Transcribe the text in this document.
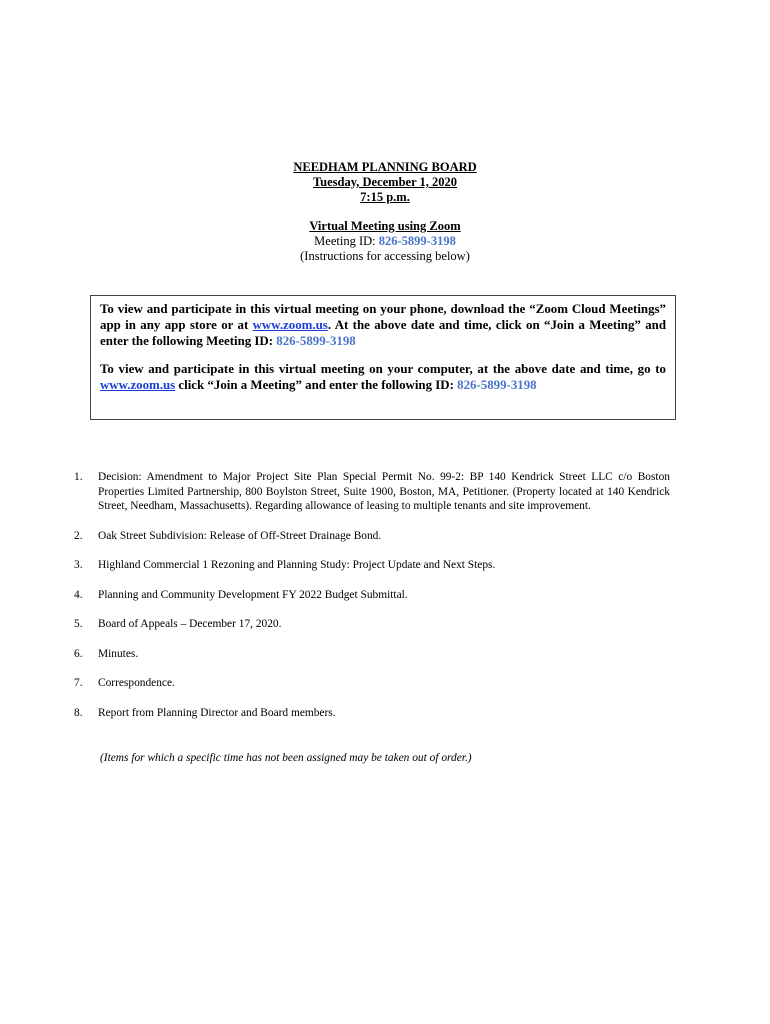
NEEDHAM PLANNING BOARD
Tuesday, December 1, 2020
7:15 p.m.
Virtual Meeting using Zoom
Meeting ID: 826-5899-3198
(Instructions for accessing below)

To view and participate in this virtual meeting on your phone, download the “Zoom Cloud Meetings” app in any app store or at www.zoom.us. At the above date and time, click on “Join a Meeting” and enter the following Meeting ID: 826-5899-3198

To view and participate in this virtual meeting on your computer, at the above date and time, go to www.zoom.us click “Join a Meeting” and enter the following ID: 826-5899-3198

1.	Decision: Amendment to Major Project Site Plan Special Permit No. 99-2: BP 140 Kendrick Street LLC c/o Boston Properties Limited Partnership, 800 Boylston Street, Suite 1900, Boston, MA, Petitioner. (Property located at 140 Kendrick Street, Needham, Massachusetts). Regarding allowance of leasing to multiple tenants and site improvement.
2.	Oak Street Subdivision: Release of Off-Street Drainage Bond.
3.	Highland Commercial 1 Rezoning and Planning Study: Project Update and Next Steps.
4.	Planning and Community Development FY 2022 Budget Submittal.
5.	Board of Appeals – December 17, 2020.
6.	Minutes.
7.	Correspondence.
8.	Report from Planning Director and Board members.
(Items for which a specific time has not been assigned may be taken out of order.)
